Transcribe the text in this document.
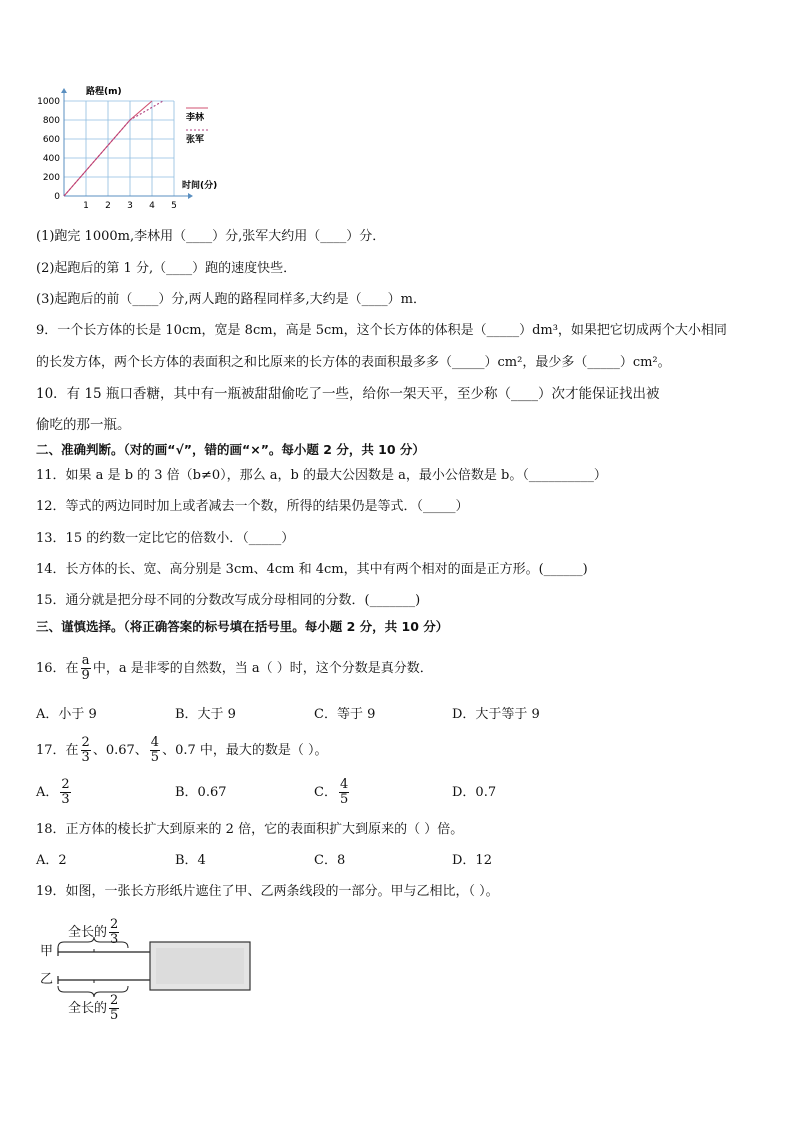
0
200
400
600
800
1000
1 2 3 4 5
路程(m)
时间(分)
李林
张军
(1)跑完 1000m,李林用（____）分,张军大约用（____）分．
(2)起跑后的第 1 分,（____）跑的速度快些．
(3)起跑后的前（____）分,两人跑的路程同样多,大约是（____）m．
9．一个长方体的长是 10cm，宽是 8cm，高是 5cm，这个长方体的体积是（_____）dm³，如果把它切成两个大小相同
的长发方体，两个长方体的表面积之和比原来的长方体的表面积最多多（_____）cm²，最少多（_____）cm²。
10．有 15 瓶口香糖，其中有一瓶被甜甜偷吃了一些，给你一架天平，至少称（____）次才能保证找出被
偷吃的那一瓶。
二、准确判断。（对的画“√”，错的画“×”。每小题 2 分，共 10 分）
11．如果 a 是 b 的 3 倍（b≠0），那么 a，b 的最大公因数是 a，最小公倍数是 b。（__________）
12．等式的两边同时加上或者减去一个数，所得的结果仍是等式．（_____）
13．15 的约数一定比它的倍数小．（_____）
14．长方体的长、宽、高分别是 3cm、4cm 和 4cm，其中有两个相对的面是正方形。(______)
15．通分就是把分母不同的分数改写成分母相同的分数．(_______)
三、谨慎选择。（将正确答案的标号填在括号里。每小题 2 分，共 10 分）
16．在 $\frac{a}{9}$ 中，a 是非零的自然数，当 a（ ）时，这个分数是真分数．
A．小于 9	B．大于 9	C．等于 9	D．大于等于 9
17．在 $\frac{2}{3}$ 、0.67、 $\frac{4}{5}$ 、0.7 中，最大的数是（ ）。
A． $\frac{2}{3}$	B．0.67	C． $\frac{4}{5}$	D．0.7
18．正方体的棱长扩大到原来的 2 倍，它的表面积扩大到原来的（ ）倍。
A．2	B．4	C．8	D．12
19．如图，一张长方形纸片遮住了甲、乙两条线段的一部分。甲与乙相比，（ ）。
全长的 $\frac{2}{3}$
甲
乙
全长的 $\frac{2}{5}$
